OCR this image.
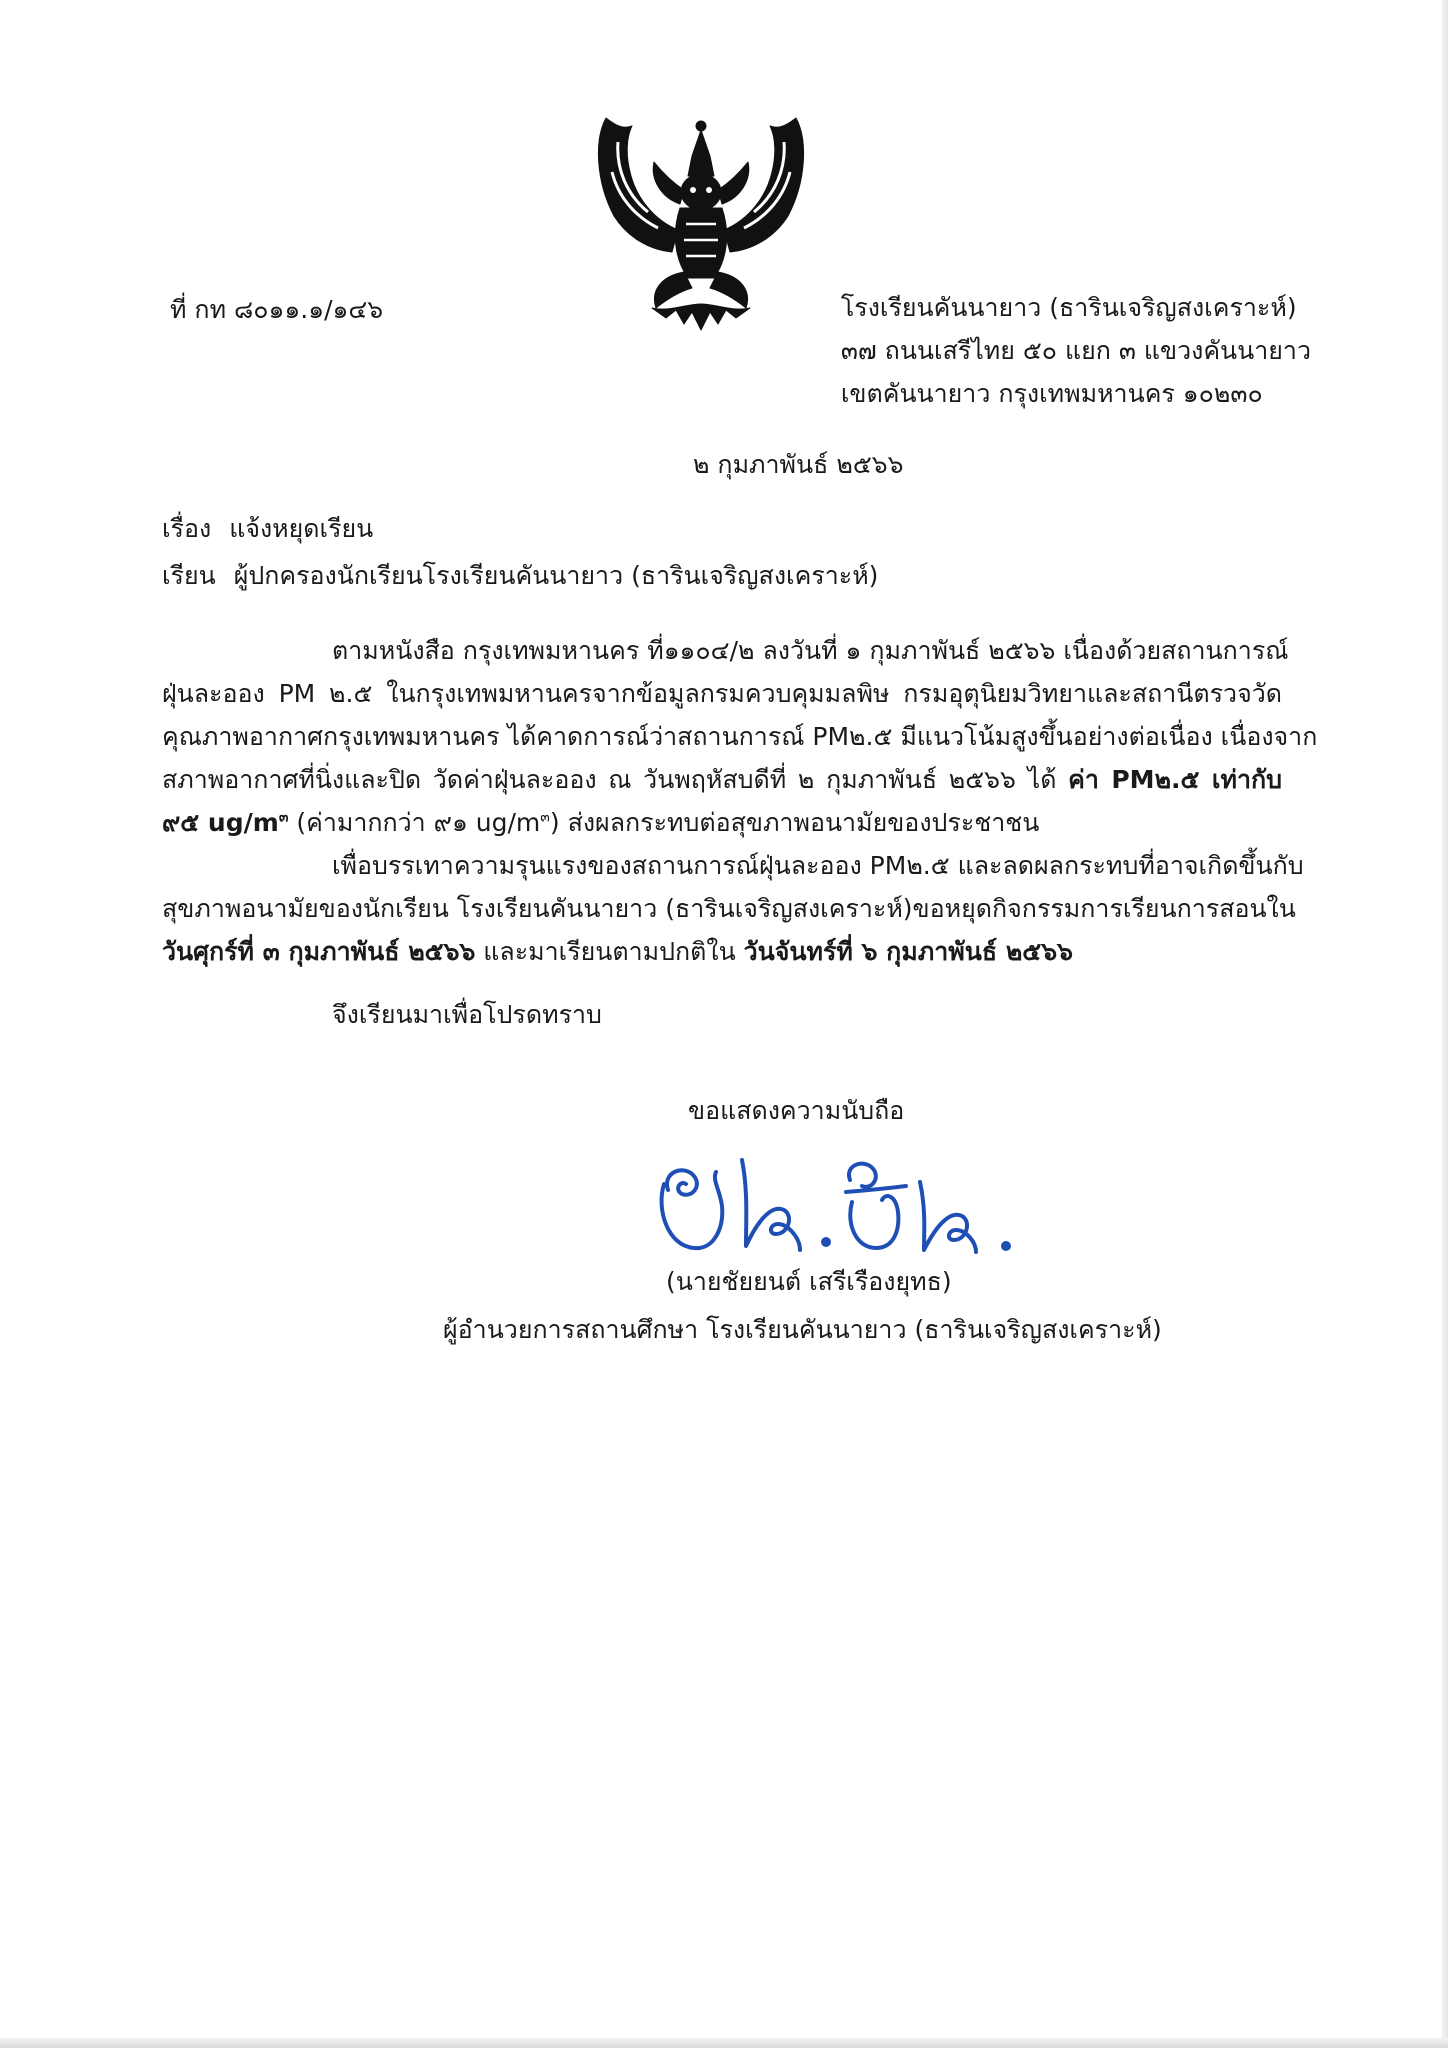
ที่ กท ๘๐๑๑.๑/๑๔๖	โรงเรียนคันนายาว (ธารินเจริญสงเคราะห์)
๓๗ ถนนเสรีไทย ๕๐ แยก ๓ แขวงคันนายาว
เขตคันนายาว กรุงเทพมหานคร ๑๐๒๓๐
๒ กุมภาพันธ์ ๒๕๖๖
เรื่อง แจ้งหยุดเรียน
เรียน ผู้ปกครองนักเรียนโรงเรียนคันนายาว (ธารินเจริญสงเคราะห์)
ตามหนังสือ กรุงเทพมหานคร ที่๑๑๐๔/๒ ลงวันที่ ๑ กุมภาพันธ์ ๒๕๖๖ เนื่องด้วยสถานการณ์
ฝุ่นละออง PM ๒.๕ ในกรุงเทพมหานครจากข้อมูลกรมควบคุมมลพิษ กรมอุตุนิยมวิทยาและสถานีตรวจวัด
คุณภาพอากาศกรุงเทพมหานคร ได้คาดการณ์ว่าสถานการณ์ PM๒.๕ มีแนวโน้มสูงขึ้นอย่างต่อเนื่อง เนื่องจาก
สภาพอากาศที่นิ่งและปิด วัดค่าฝุ่นละออง ณ วันพฤหัสบดีที่ ๒ กุมภาพันธ์ ๒๕๖๖ ได้ ค่า PM๒.๕ เท่ากับ
๙๕ $ug/m^๓$ (ค่ามากกว่า ๙๑ $ug/m^๓$) ส่งผลกระทบต่อสุขภาพอนามัยของประชาชน
เพื่อบรรเทาความรุนแรงของสถานการณ์ฝุ่นละออง PM๒.๕ และลดผลกระทบที่อาจเกิดขึ้นกับ
สุขภาพอนามัยของนักเรียน โรงเรียนคันนายาว (ธารินเจริญสงเคราะห์)ขอหยุดกิจกรรมการเรียนการสอนใน
วันศุกร์ที่ ๓ กุมภาพันธ์ ๒๕๖๖ และมาเรียนตามปกติใน วันจันทร์ที่ ๖ กุมภาพันธ์ ๒๕๖๖
จึงเรียนมาเพื่อโปรดทราบ
ขอแสดงความนับถือ
(นายชัยยนต์ เสรีเรืองยุทธ)
ผู้อำนวยการสถานศึกษา โรงเรียนคันนายาว (ธารินเจริญสงเคราะห์)
